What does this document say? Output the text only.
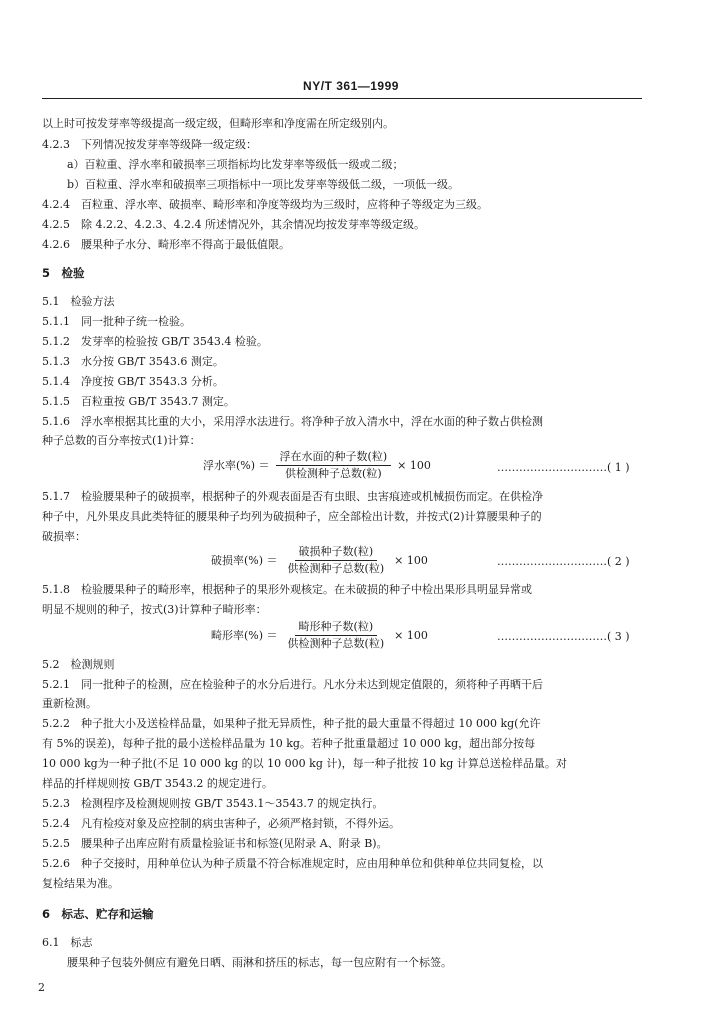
NY/T 361—1999
以上时可按发芽率等级提高一级定级，但畸形率和净度需在所定级别内。
4.2.3　下列情况按发芽率等级降一级定级：
a）百粒重、浮水率和破损率三项指标均比发芽率等级低一级或二级；
b）百粒重、浮水率和破损率三项指标中一项比发芽率等级低二级，一项低一级。
4.2.4　百粒重、浮水率、破损率、畸形率和净度等级均为三级时，应将种子等级定为三级。
4.2.5　除 4.2.2、4.2.3、4.2.4 所述情况外，其余情况均按发芽率等级定级。
4.2.6　腰果种子水分、畸形率不得高于最低值限。
5　检验
5.1　检验方法
5.1.1　同一批种子统一检验。
5.1.2　发芽率的检验按 GB/T 3543.4 检验。
5.1.3　水分按 GB/T 3543.6 测定。
5.1.4　净度按 GB/T 3543.3 分析。
5.1.5　百粒重按 GB/T 3543.7 测定。
5.1.6　浮水率根据其比重的大小，采用浮水法进行。将净种子放入清水中，浮在水面的种子数占供检测
种子总数的百分率按式(1)计算：
浮水率(%) ＝ $\frac{\text{浮在水面的种子数(粒)}}{\text{供检测种子总数(粒)}} \times 100$	…………………………( 1 )
5.1.7　检验腰果种子的破损率，根据种子的外观表面是否有虫眼、虫害痕迹或机械损伤而定。在供检净
种子中，凡外果皮具此类特征的腰果种子均列为破损种子，应全部检出计数，并按式(2)计算腰果种子的
破损率：
破损率(%) ＝ $\frac{\text{破损种子数(粒)}}{\text{供检测种子总数(粒)}} \times 100$	…………………………( 2 )
5.1.8　检验腰果种子的畸形率，根据种子的果形外观核定。在未破损的种子中检出果形具明显异常或
明显不规则的种子，按式(3)计算种子畸形率：
畸形率(%) ＝ $\frac{\text{畸形种子数(粒)}}{\text{供检测种子总数(粒)}} \times 100$	…………………………( 3 )
5.2　检测规则
5.2.1　同一批种子的检测，应在检验种子的水分后进行。凡水分未达到规定值限的，须将种子再晒干后
重新检测。
5.2.2　种子批大小及送检样品量，如果种子批无异质性，种子批的最大重量不得超过 10 000 kg(允许
有 5%的误差)，每种子批的最小送检样品量为 10 kg。若种子批重量超过 10 000 kg，超出部分按每
10 000 kg为一种子批(不足 10 000 kg 的以 10 000 kg 计)，每一种子批按 10 kg 计算总送检样品量。对
样品的扦样规则按 GB/T 3543.2 的规定进行。
5.2.3　检测程序及检测规则按 GB/T 3543.1～3543.7 的规定执行。
5.2.4　凡有检疫对象及应控制的病虫害种子，必须严格封锁，不得外运。
5.2.5　腰果种子出库应附有质量检验证书和标签(见附录 A、附录 B)。
5.2.6　种子交接时，用种单位认为种子质量不符合标准规定时，应由用种单位和供种单位共同复检，以
复检结果为准。
6　标志、贮存和运输
6.1　标志
腰果种子包装外侧应有避免日晒、雨淋和挤压的标志，每一包应附有一个标签。
2
